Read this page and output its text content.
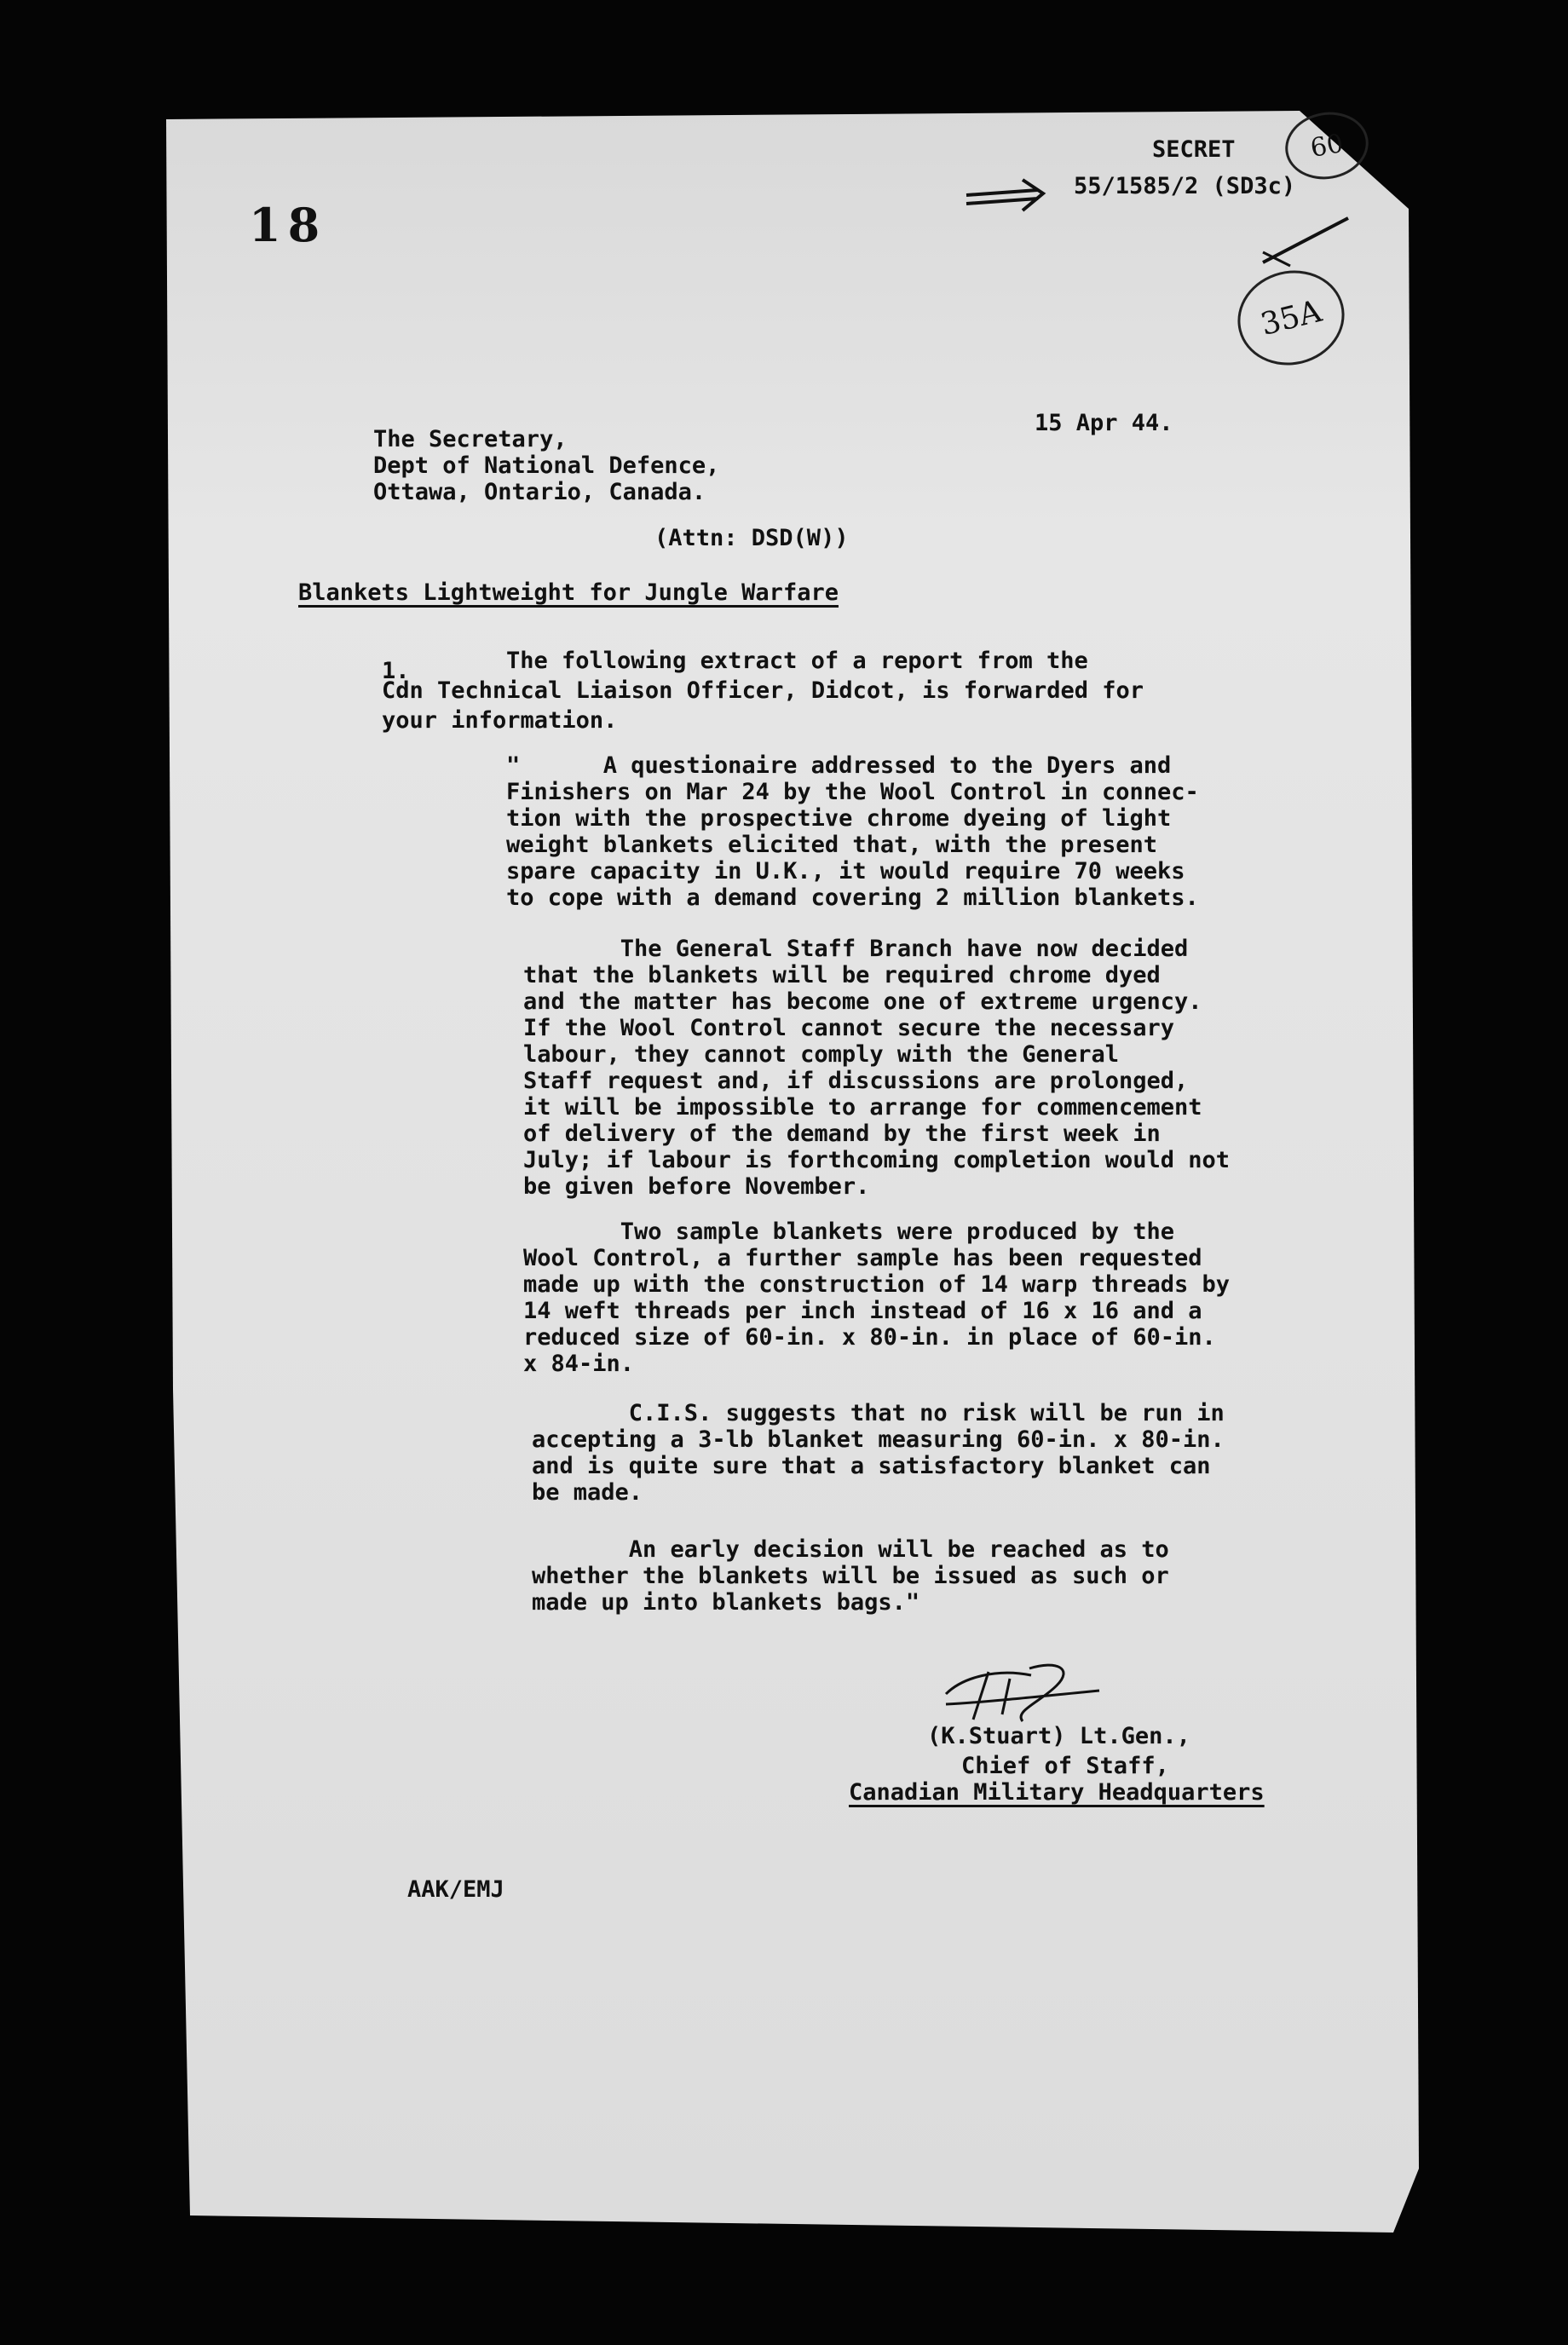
18
60
SECRET
55/1585/2 (SD3c)
35A
15 Apr 44.
The Secretary,
Dept of National Defence,
Ottawa, Ontario, Canada.
(Attn: DSD(W))
Blankets Lightweight for Jungle Warfare
1.	The following extract of a report from the
Cdn Technical Liaison Officer, Didcot, is forwarded for
your information.
"      A questionaire addressed to the Dyers and
Finishers on Mar 24 by the Wool Control in connec-
tion with the prospective chrome dyeing of light
weight blankets elicited that, with the present
spare capacity in U.K., it would require 70 weeks
to cope with a demand covering 2 million blankets.
The General Staff Branch have now decided
that the blankets will be required chrome dyed
and the matter has become one of extreme urgency.
If the Wool Control cannot secure the necessary
labour, they cannot comply with the General
Staff request and, if discussions are prolonged,
it will be impossible to arrange for commencement
of delivery of the demand by the first week in
July; if labour is forthcoming completion would not
be given before November.
Two sample blankets were produced by the
Wool Control, a further sample has been requested
made up with the construction of 14 warp threads by
14 weft threads per inch instead of 16 x 16 and a
reduced size of 60-in. x 80-in. in place of 60-in.
x 84-in.
C.I.S. suggests that no risk will be run in
accepting a 3-lb blanket measuring 60-in. x 80-in.
and is quite sure that a satisfactory blanket can
be made.
An early decision will be reached as to
whether the blankets will be issued as such or
made up into blankets bags."
(K.Stuart) Lt.Gen.,
Chief of Staff,
Canadian Military Headquarters
AAK/EMJ
